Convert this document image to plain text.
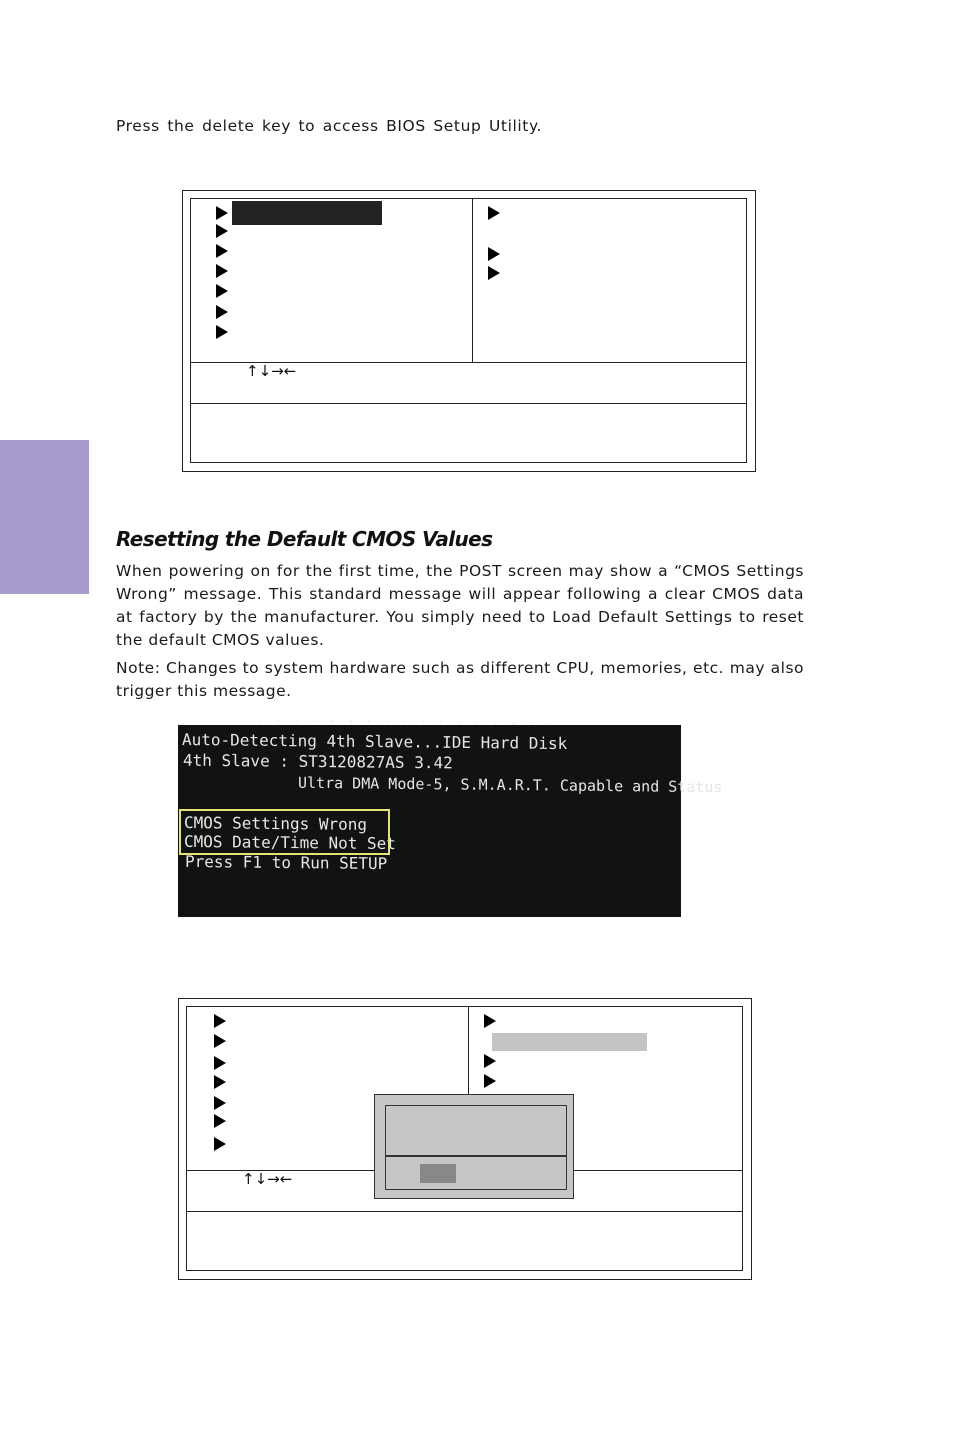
Press the delete key to access BIOS Setup Utility.
↑↓→←
Resetting the Default CMOS Values
When powering on for the first time, the POST screen may show a “CMOS Settings Wrong” message. This standard message will appear following a clear CMOS data at factory by the manufacturer. You simply need to Load Default Settings to reset the default CMOS values.
Note: Changes to system hardware such as different CPU, memories, etc. may also trigger this message.
· · · · · · · · · · · · · · · · · ·
Auto-Detecting 4th Slave...IDE Hard Disk
4th Slave : ST3120827AS 3.42
Ultra DMA Mode-5, S.M.A.R.T. Capable and Status
CMOS Settings Wrong
CMOS Date/Time Not Set
Press F1 to Run SETUP
↑↓→←
